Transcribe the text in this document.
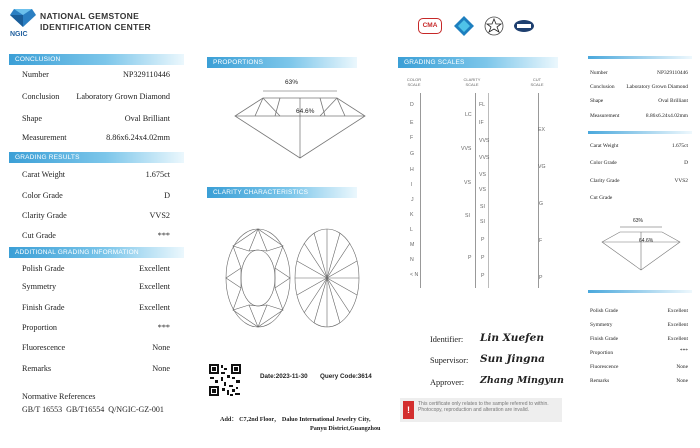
NGIC
NATIONAL GEMSTONE
IDENTIFICATION CENTER
CONCLUSION
Number	NP329110446
Conclusion Laboratory Grown Diamond
Shape	Oval Brilliant
Measurement	8.86x6.24x4.02mm
GRADING RESULTS
Carat Weight	1.675ct
Color Grade	D
Clarity Grade	VVS2
Cut Grade	***
ADDITIONAL GRADING INFORMATION
Polish Grade	Excellent
Symmetry	Excellent
Finish Grade	Excellent
Proportion	***
Fluorescence	None
Remarks	None
Normative References
GB/T 16553  GB/T16554  Q/NGIC-GZ-001
PROPORTIONS
63%
64.6%
CLARITY CHARACTERISTICS
Date:2023-11-30 Query Code:3614
Add： C7,2nd Floor， Daluo International Jewelry City,
Panyu District,Guangzhou
CMA
GRADING SCALES
COLOR SCALE
CLARITY SCALE
CUT SCALE
D
E
F
G
H
I
J
K
L
M
N
< N
LC
VVS
VS
SI
P
FL
IF
VVS
VVS
VS
VS
SI
SI
P
P
P
EX
VG
G
F
P
Identifier: Lin Xuefen
Supervisor: Sun Jingna
Approver: Zhang Mingyun
!
This certificate only relates to the sample referred to within. Photocopy, reproduction and alteration are invalid.
Number	NP329110446
Conclusion Laboratory Grown Diamond
Shape	Oval Brilliant
Measurement	8.86x6.24x4.02mm
Carat Weight	1.675ct
Color Grade	D
Clarity Grade	VVS2
Cut Grade
63%
64.6%
Polish Grade	Excellent
Symmetry	Excellent
Finish Grade	Excellent
Proportion	***
Fluorescence	None
Remarks	None
